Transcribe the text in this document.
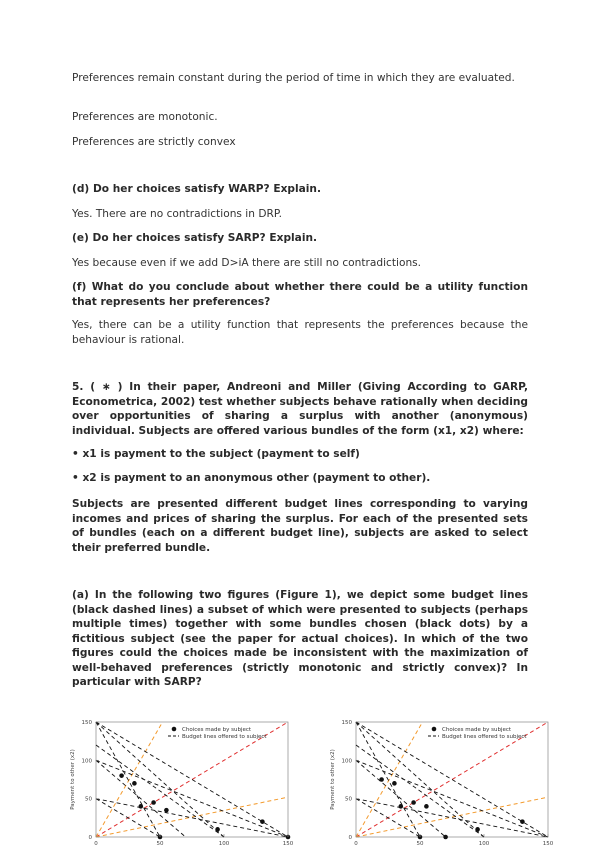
Preferences remain constant during the period of time in which they are evaluated.

Preferences are monotonic.

Preferences are strictly convex

(d) Do her choices satisfy WARP? Explain.

Yes. There are no contradictions in DRP.

(e) Do her choices satisfy SARP? Explain.

Yes because even if we add D>iA there are still no contradictions.

(f) What do you conclude about whether there could be a utility function that represents her preferences?

Yes, there can be a utility function that represents the preferences because the behaviour is rational.

5. ( ∗ ) In their paper, Andreoni and Miller (Giving According to GARP, Econometrica, 2002) test whether subjects behave rationally when deciding over opportunities of sharing a surplus with another (anonymous) individual. Subjects are offered various bundles of the form (x1, x2) where:

• x1 is payment to the subject (payment to self)

• x2 is payment to an anonymous other (payment to other).

Subjects are presented different budget lines corresponding to varying incomes and prices of sharing the surplus. For each of the presented sets of bundles (each on a different budget line), subjects are asked to select their preferred bundle.

(a) In the following two figures (Figure 1), we depict some budget lines (black dashed lines) a subset of which were presented to subjects (perhaps multiple times) together with some bundles chosen (black dots) by a fictitious subject (see the paper for actual choices). In which of the two figures could the choices made be inconsistent with the maximization of well-behaved preferences (strictly monotonic and strictly convex)? In particular with SARP?

150
100
50
0
0	50	100	150
Payment to other (x2)
Choices made by subject
Budget lines offered to subject
150
100
50
0
0	50	100	150
Payment to other (x2)
Choices made by subject
Budget lines offered to subject
